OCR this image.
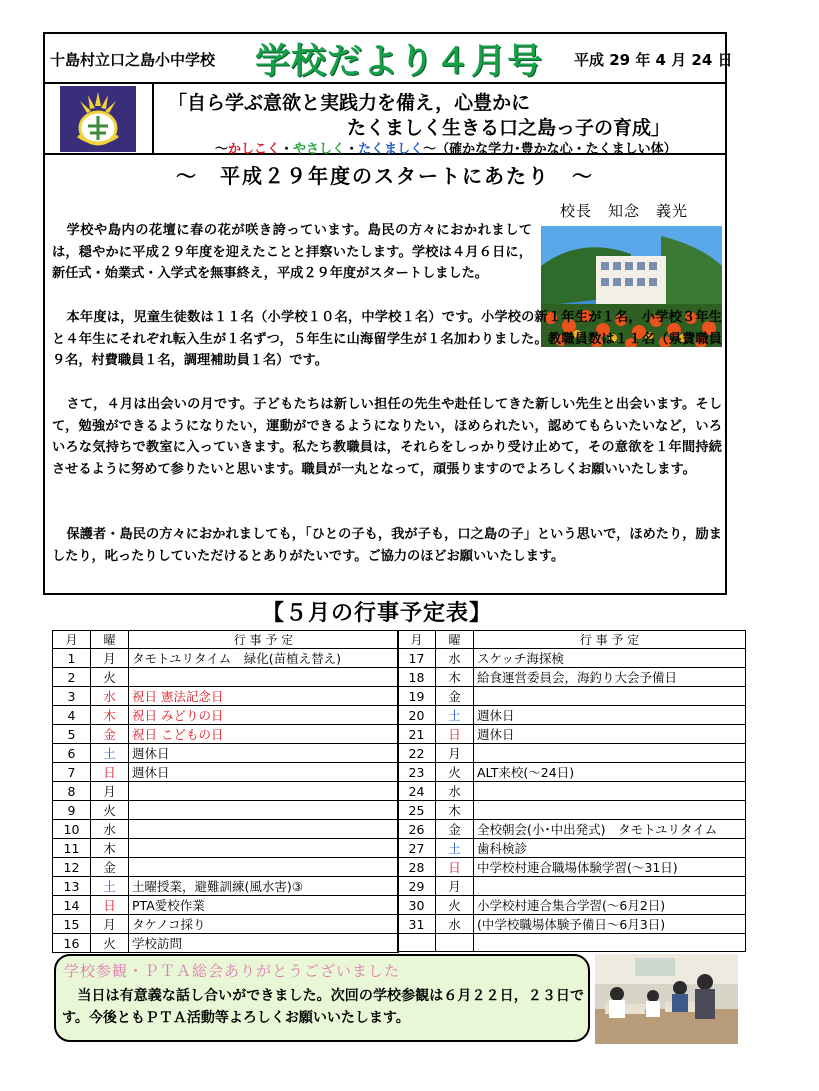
十島村立口之島小中学校 学校だより４月号 平成 29 年 4 月 24 日
「自ら学ぶ意欲と実践力を備え，心豊かに
たくましく生きる口之島っ子の育成」
～かしこく・やさしく・たくましく～（確かな学力･豊かな心・たくましい体）
～　平成２９年度のスタートにあたり　～
校長　知念　義光
学校や島内の花壇に春の花が咲き誇っています。島民の方々におかれましては，穏やかに平成２９年度を迎えたことと拝察いたします。学校は４月６日に，新任式・始業式・入学式を無事終え，平成２９年度がスタートしました。
本年度は，児童生徒数は１１名（小学校１０名，中学校１名）です。小学校の新１年生が１名，小学校３年生と４年生にそれぞれ転入生が１名ずつ，５年生に山海留学生が１名加わりました。教職員数は１１名（県費職員９名，村費職員１名，調理補助員１名）です。
さて，４月は出会いの月です。子どもたちは新しい担任の先生や赴任してきた新しい先生と出会います。そして，勉強ができるようになりたい，運動ができるようになりたい，ほめられたい，認めてもらいたいなど，いろいろな気持ちで教室に入っていきます。私たち教職員は，それらをしっかり受け止めて，その意欲を１年間持続させるように努めて参りたいと思います。職員が一丸となって，頑張りますのでよろしくお願いいたします。
保護者・島民の方々におかれましても，「ひとの子も，我が子も，口之島の子」という思いで，ほめたり，励ましたり，叱ったりしていただけるとありがたいです。ご協力のほどお願いいたします。
【５月の行事予定表】
月	曜	行 事 予 定
1	月	タモトユリタイム　緑化(苗植え替え)
2	火	
3	水	祝日 憲法記念日
4	木	祝日 みどりの日
5	金	祝日 こどもの日
6	土	週休日
7	日	週休日
8	月	
9	火	
10	水	
11	木	
12	金	
13	土	土曜授業，避難訓練(風水害)③
14	日	PTA愛校作業
15	月	タケノコ採り
16	火	学校訪問
月	曜	行 事 予 定
17	水	スケッチ海探検
18	木	給食運営委員会，海釣り大会予備日
19	金	
20	土	週休日
21	日	週休日
22	月	
23	火	ALT来校(～24日)
24	水	
25	木	
26	金	全校朝会(小･中出発式)　タモトユリタイム
27	土	歯科検診
28	日	中学校村連合職場体験学習(～31日)
29	月	
30	火	小学校村連合集合学習(～6月2日)
31	水	(中学校職場体験予備日～6月3日)

学校参観・ＰＴＡ総会ありがとうございました
当日は有意義な話し合いができました。次回の学校参観は６月２２日，２３日です。今後ともＰＴＡ活動等よろしくお願いいたします。
